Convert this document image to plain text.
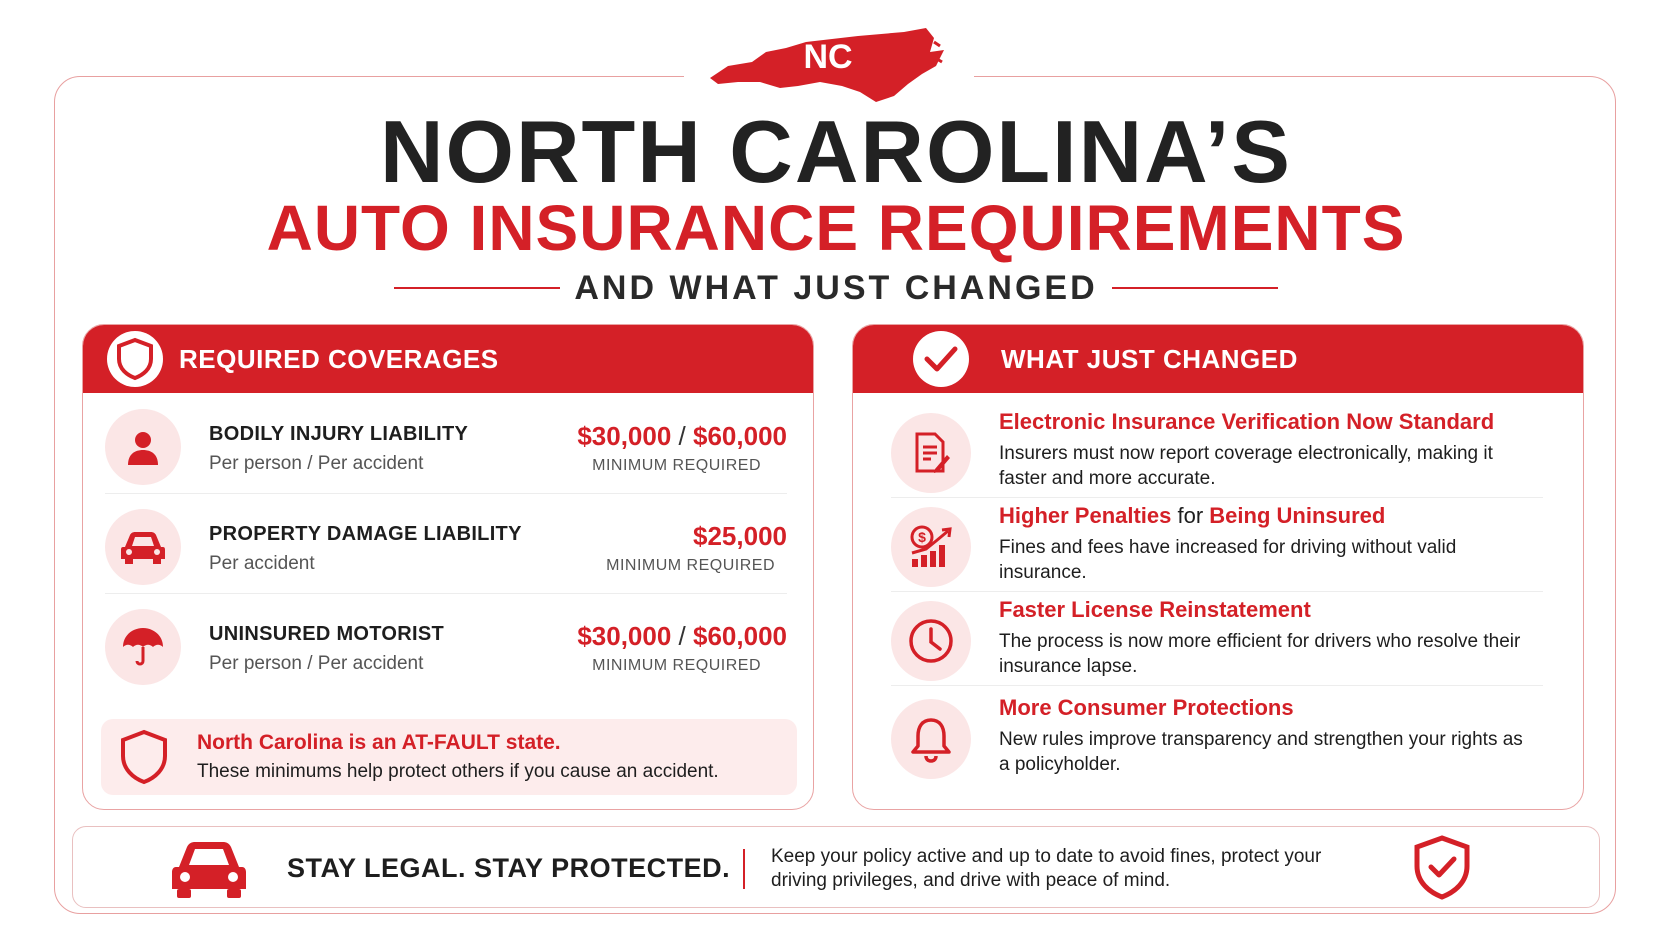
NC
NORTH CAROLINA’S
AUTO INSURANCE REQUIREMENTS
AND WHAT JUST CHANGED
REQUIRED COVERAGES
BODILY INJURY LIABILITY
Per person / Per accident
$30,000 / $60,000
MINIMUM REQUIRED
PROPERTY DAMAGE LIABILITY
Per accident
$25,000
MINIMUM REQUIRED
UNINSURED MOTORIST
Per person / Per accident
$30,000 / $60,000
MINIMUM REQUIRED
North Carolina is an AT-FAULT state.
These minimums help protect others if you cause an accident.
WHAT JUST CHANGED
Electronic Insurance Verification Now Standard
Insurers must now report coverage electronically, making it faster and more accurate.
$
Higher Penalties for Being Uninsured
Fines and fees have increased for driving without valid insurance.
Faster License Reinstatement
The process is now more efficient for drivers who resolve their insurance lapse.
More Consumer Protections
New rules improve transparency and strengthen your rights as a policyholder.
STAY LEGAL. STAY PROTECTED. Keep your policy active and up to date to avoid fines, protect your driving privileges, and drive with peace of mind.
